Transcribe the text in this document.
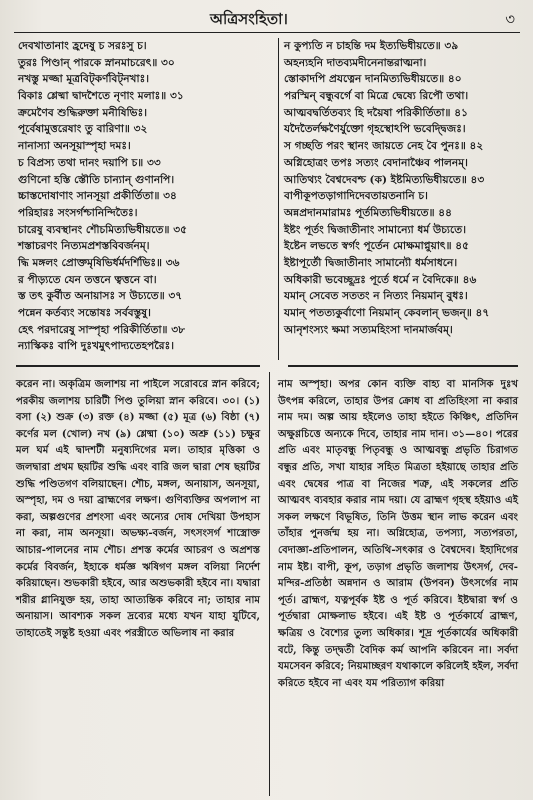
অত্রিসংহিতা।	৩
দেবখাতানাং হ্রদেষু চ সরঃসু চ।
তুরঃ পিণ্ডান্ পারকে স্নানমাচরেৎ॥ ৩০
নখস্তু মজ্জা মূত্রবিট্কর্ণবিট্নখাঃ।
বিকাঃ শ্লেষ্মা দ্বাদশৈতে নৃণাং মলাঃ॥ ৩১
ক্রমেণৈব শুদ্ধিরুক্তা মনীষিভিঃ।
পূর্বেষামুত্তরেষাং তু বারিণা॥ ৩২
নানাস্যা অনসূয়াস্পৃহা দমঃ।
চ বিপ্রস্য তথা দানং দয়াপি চ॥ ৩৩
গুণিনো হস্তি স্তৌতি চান্যান্ গুণানপি।
চ্চাস্তদোষাণাং সানসূয়া প্রকীর্তিতা॥ ৩৪
পরিহারঃ সংসর্গশ্চানিন্দিতৈঃ।
চারেষু ব্যবস্থানং শৌচমিত্যভিধীয়তে॥ ৩৫
শস্তাচরণং নিত্যমপ্রশস্তবিবর্জনম্।
দ্ধি মঙ্গলং প্রোক্তমৃষিভির্ধর্মদর্শিভিঃ॥ ৩৬
র পীড়্যতে যেন তত্তনে ত্বত্তনে বা।
স্ত তৎ কুর্বীত অনায়াসঃ স উচ্যতে॥ ৩৭
পন্নেন কর্তব্যং সন্তোষঃ সর্ববস্তুষু।
হেৎ পরদারেষু সাস্পৃহা পরিকীর্তিতা॥ ৩৮
ন্যাস্কিকঃ বাপি দুঃখমুৎপাদ্যতেহপরৈঃ।
ন কুপ্যতি ন চাহন্তি দম ইত্যভিধীয়তে॥ ৩৯
অহন্যহনি দাতব্যমদীনেনান্তরাত্মনা।
স্তোকাদপি প্রযত্নেন দানমিত্যভিধীয়তে॥ ৪০
পরস্মিন্ বন্ধুবর্গে বা মিত্রে দ্বেষ্যে রিপৌ তথা।
আত্মবদ্বর্তিতব্যং হি দয়ৈষা পরিকীর্তিতা॥ ৪১
যদৈতৈর্লক্ষণৈর্যুক্তো গৃহস্থোঽপি ভবেদ্দ্বিজঃ।
স গচ্ছতি পরং স্থানং জায়তে নেহ বৈ পুনঃ॥ ৪২
অগ্নিহোত্রং তপঃ সত্যং বেদানাঞ্চৈব পালনম্।
আতিথ্যং বৈশ্বদেবশ্চ (ক) ইষ্টমিত্যভিধীয়তে॥ ৪৩
বাপীকূপতড়াগাদিদেবতায়তনানি চ।
অন্নপ্রদানমারামঃ পূর্তমিত্যভিধীয়তে॥ ৪৪
ইষ্টং পূর্তং দ্বিজাতীনাং সামান্যো ধর্ম উচ্যতে।
ইষ্টেন লভতে স্বর্গং পূর্তেন মোক্ষমাপ্নুয়াৎ॥ ৪৫
ইষ্টাপূর্তৌ দ্বিজাতীনাং সামান্যৌ ধর্মসাধনে।
অধিকারী ভবেচ্ছূদ্রঃ পূর্তে ধর্মে ন বৈদিকে॥ ৪৬
যমান্ সেবেত সততং ন নিত্যং নিয়মান্ বুধঃ।
যমান্ পতত্যকুর্বাণো নিয়মান্ কেবলান্ ভজন্॥ ৪৭
আনৃশংস্যং ক্ষমা সত্যমহিংসা দানমার্জবম্।
করেন না। অকৃত্রিম জলাশয় না পাইলে সরোবরে স্নান করিবে; পরকীয় জলাশয় চারিটী পিণ্ড তুলিয়া স্নান করিবে। ৩০। (১) বসা (২) শুক্র (৩) রক্ত (৪) মজ্জা (৫) মূত্র (৬) বিষ্ঠা (৭) কর্ণের মল (খোল) নখ (৯) শ্লেষ্মা (১০) অশ্রু (১১) চক্ষুর মল ঘর্ম এই দ্বাদশটী মনুষ্যদিগের মল। তাহার মৃত্তিকা ও জলদ্বারা প্রথম ছয়টির শুদ্ধি এবং বারি জল দ্বারা শেষ ছয়টির শুদ্ধি পণ্ডিতগণ বলিয়াছেন। শৌচ, মঙ্গল, অনায়াস, অনসূয়া, অস্পৃহা, দম ও দয়া ব্রাহ্মণের লক্ষণ। গুণিব্যক্তির অপলাপ না করা, অল্পগুণের প্রশংসা এবং অন্যের দোষ দেখিয়া উপহাস না করা, নাম অনসূয়া। অভক্ষ্য-বর্জন, সৎসংসর্গ শাস্ত্রোক্ত আচার-পালনের নাম শৌচ। প্রশস্ত কর্মের আচরণ ও অপ্রশস্ত কর্মের বিবর্জন, ইহাকে ধর্মজ্ঞ ঋষিগণ মঙ্গল বলিয়া নির্দেশ করিয়াছেন। শুভকারী হইবে, আর অশুভকারী হইবে না। যদ্বারা শরীর গ্লানিযুক্ত হয়, তাহা আত্যন্তিক করিবে না; তাহার নাম অনায়াস। আবশ্যক সকল দ্রব্যের মধ্যে যখন যাহা যুটিবে, তাহাতেই সন্তুষ্ট হওয়া এবং পরস্ত্রীতে অভিলাষ না করার
নাম অস্পৃহা। অপর কোন ব্যক্তি বাহ্য বা মানসিক দুঃখ উৎপন্ন করিলে, তাহার উপর ক্রোধ বা প্রতিহিংসা না করার নাম দম। অল্প আয় হইলেও তাহা হইতে কিঞ্চিৎ, প্রতিদিন অক্ষুণ্ণচিত্তে অন্যকে দিবে, তাহার নাম দান। ৩১—৪০। পরের প্রতি এবং মাতৃবন্ধু পিতৃবন্ধু ও আত্মবন্ধু প্রভৃতি চিরাগত বন্ধুর প্রতি, সখা যাহার সহিত মিত্রতা হইয়াছে তাহার প্রতি এবং দ্বেষের পাত্র বা নিজের শত্রু, এই সকলের প্রতি আত্মবৎ ব্যবহার করার নাম দয়া। যে ব্রাহ্মণ গৃহস্থ হইয়াও এই সকল লক্ষণে বিভূষিত, তিনি উত্তম স্থান লাভ করেন এবং তাঁহার পুনর্জন্ম হয় না। অগ্নিহোত্র, তপস্যা, সত্যপরতা, বেদাজ্ঞা-প্রতিপালন, অতিথি-সৎকার ও বৈশ্বদেব। ইহাদিগের নাম ইষ্ট। বাপী, কূপ, তড়াগ প্রভৃতি জলাশয় উৎসর্গ, দেব-মন্দির-প্রতিষ্ঠা অন্নদান ও আরাম (উপবন) উৎসর্গের নাম পূর্ত। ব্রাহ্মণ, যত্নপূর্বক ইষ্ট ও পূর্ত করিবে। ইষ্টদ্বারা স্বর্গ ও পূর্তদ্বারা মোক্ষলাভ হইবে। এই ইষ্ট ও পূর্তকার্যে ব্রাহ্মণ, ক্ষত্রিয় ও বৈশ্যের তুল্য অধিকার। শূদ্র পূর্তকার্যের অধিকারী বটে, কিন্তু তদ্দ্বর্তী বৈদিক কর্ম আপনি করিবেন না। সর্বদা যমসেবন করিবে; নিয়মাচ্ছরণ যথাকালে করিলেই হইল, সর্বদা করিতে হইবে না এবং যম পরিত্যাগ করিয়া
